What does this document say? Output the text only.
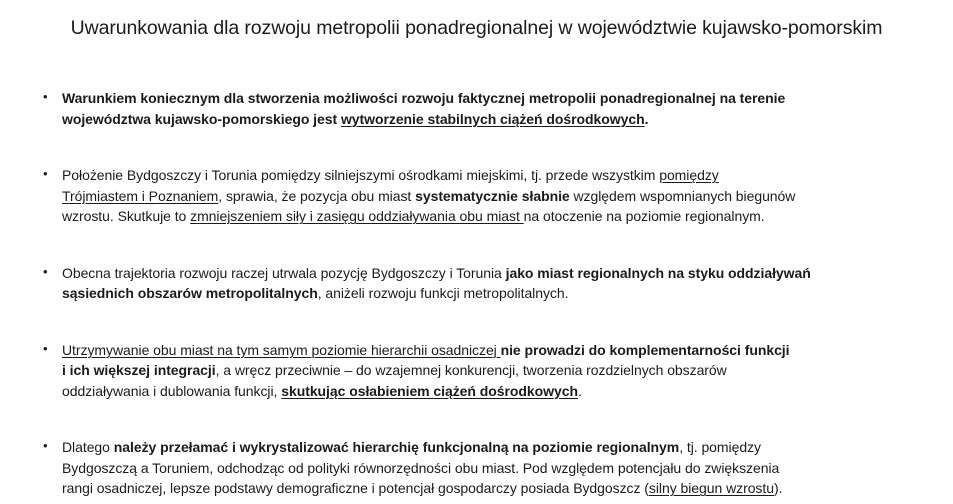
Uwarunkowania dla rozwoju metropolii ponadregionalnej w województwie kujawsko-pomorskim
• Warunkiem koniecznym dla stworzenia możliwości rozwoju faktycznej metropolii ponadregionalnej na terenie
województwa kujawsko-pomorskiego jest wytworzenie stabilnych ciążeń dośrodkowych.
• Położenie Bydgoszczy i Torunia pomiędzy silniejszymi ośrodkami miejskimi, tj. przede wszystkim pomiędzy
Trójmiastem i Poznaniem, sprawia, że pozycja obu miast systematycznie słabnie względem wspomnianych biegunów
wzrostu. Skutkuje to zmniejszeniem siły i zasięgu oddziaływania obu miast na otoczenie na poziomie regionalnym.
• Obecna trajektoria rozwoju raczej utrwala pozycję Bydgoszczy i Torunia jako miast regionalnych na styku oddziaływań
sąsiednich obszarów metropolitalnych, aniżeli rozwoju funkcji metropolitalnych.
• Utrzymywanie obu miast na tym samym poziomie hierarchii osadniczej nie prowadzi do komplementarności funkcji
i ich większej integracji, a wręcz przeciwnie – do wzajemnej konkurencji, tworzenia rozdzielnych obszarów
oddziaływania i dublowania funkcji, skutkując osłabieniem ciążeń dośrodkowych.
• Dlatego należy przełamać i wykrystalizować hierarchię funkcjonalną na poziomie regionalnym, tj. pomiędzy
Bydgoszczą a Toruniem, odchodząc od polityki równorzędności obu miast. Pod względem potencjału do zwiększenia
rangi osadniczej, lepsze podstawy demograficzne i potencjał gospodarczy posiada Bydgoszcz (silny biegun wzrostu).
